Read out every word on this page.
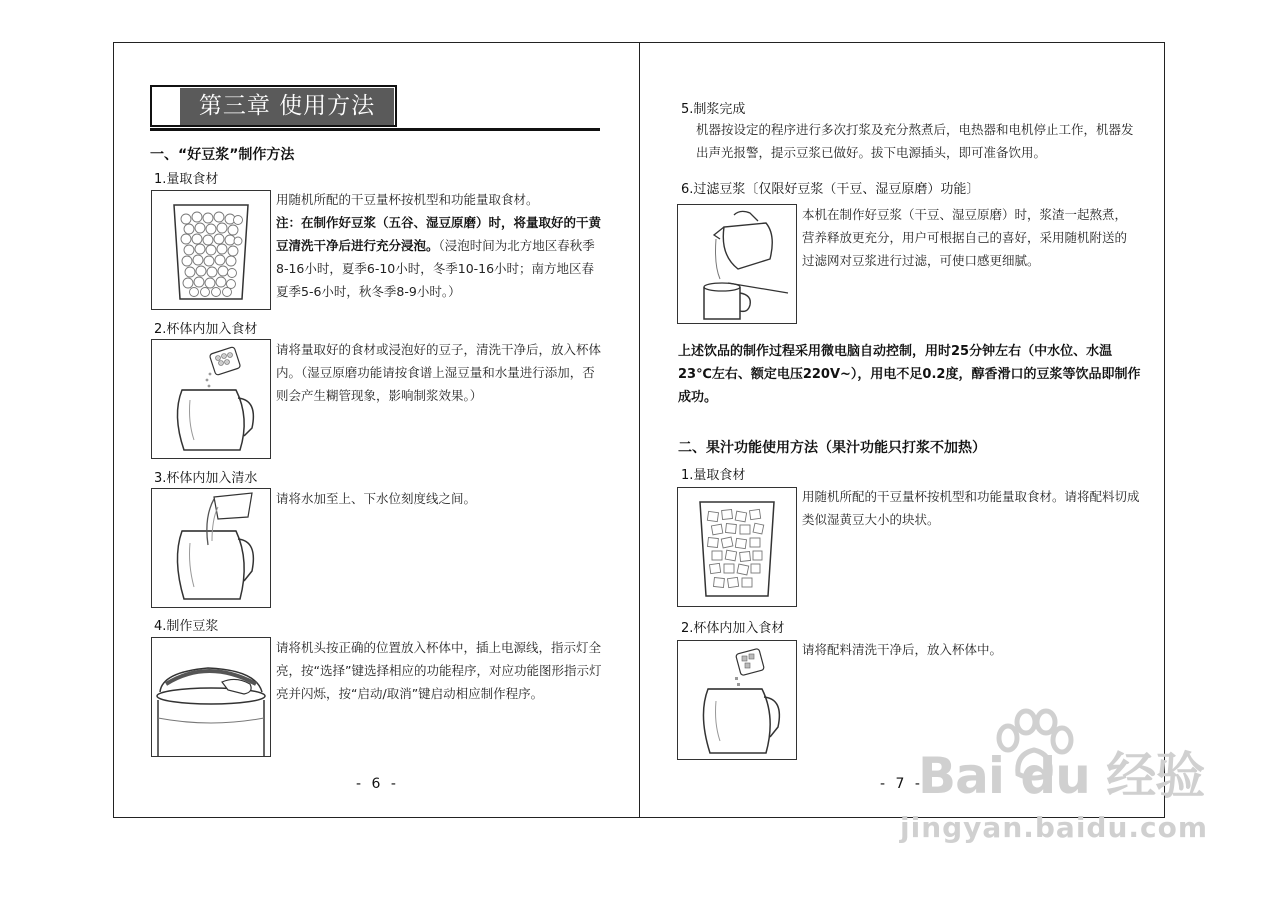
第三章 使用方法
一、“好豆浆”制作方法
1.量取食材
用随机所配的干豆量杯按机型和功能量取食材。
注：在制作好豆浆（五谷、湿豆原磨）时，将量取好的干黄豆清洗干净后进行充分浸泡。（浸泡时间为北方地区春秋季8-16小时，夏季6-10小时，冬季10-16小时；南方地区春夏季5-6小时，秋冬季8-9小时。）
2.杯体内加入食材
请将量取好的食材或浸泡好的豆子，清洗干净后，放入杯体内。（湿豆原磨功能请按食谱上湿豆量和水量进行添加，否则会产生糊管现象，影响制浆效果。）
3.杯体内加入清水
请将水加至上、下水位刻度线之间。
4.制作豆浆
请将机头按正确的位置放入杯体中，插上电源线，指示灯全亮，按“选择”键选择相应的功能程序，对应功能图形指示灯亮并闪烁，按“启动/取消”键启动相应制作程序。
- 6 -
5.制浆完成
机器按设定的程序进行多次打浆及充分熬煮后，电热器和电机停止工作，机器发出声光报警，提示豆浆已做好。拔下电源插头，即可准备饮用。
6.过滤豆浆〔仅限好豆浆（干豆、湿豆原磨）功能〕
本机在制作好豆浆（干豆、湿豆原磨）时，浆渣一起熬煮，营养释放更充分，用户可根据自己的喜好，采用随机附送的过滤网对豆浆进行过滤，可使口感更细腻。
上述饮品的制作过程采用微电脑自动控制，用时25分钟左右（中水位、水温23℃左右、额定电压220V~），用电不足0.2度，醇香滑口的豆浆等饮品即制作成功。
二、果汁功能使用方法（果汁功能只打浆不加热）
1.量取食材
用随机所配的干豆量杯按机型和功能量取食材。请将配料切成类似湿黄豆大小的块状。
2.杯体内加入食材
请将配料清洗干净后，放入杯体中。
- 7 -
Bai du 经验
jingyan.baidu.com
